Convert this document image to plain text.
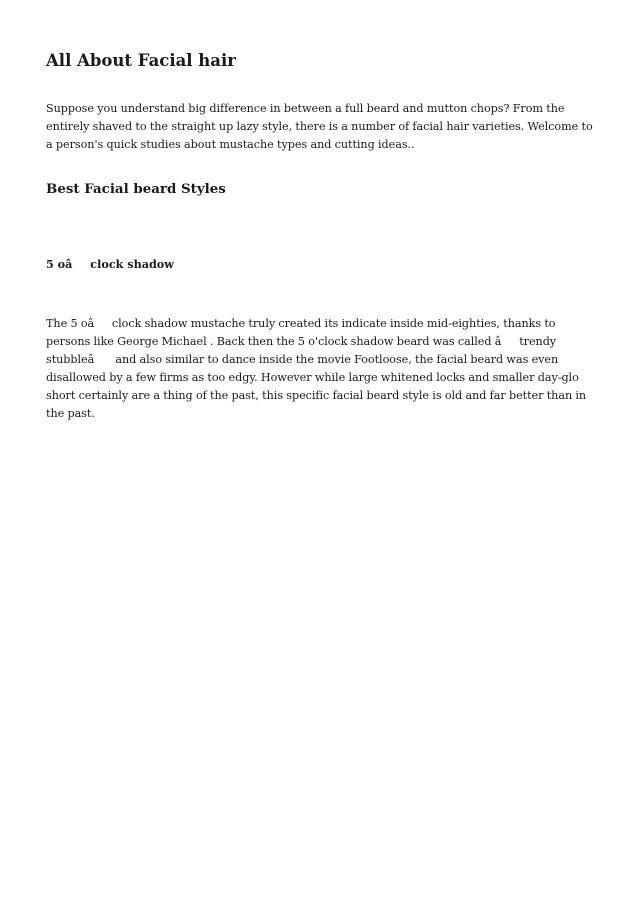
All About Facial hair

Suppose you understand big difference in between a full beard and mutton chops? From the entirely shaved to the straight up lazy style, there is a number of facial hair varieties. Welcome to a person's quick studies about mustache types and cutting ideas..

Best Facial beard Styles
5 oâclock shadow

The 5 oâclock shadow mustache truly created its indicate inside mid-eighties, thanks to persons like George Michael . Back then the 5 o'clock shadow beard was called âtrendy stubbleâ and also similar to dance inside the movie Footloose, the facial beard was even disallowed by a few firms as too edgy. However while large whitened locks and smaller day-glo short certainly are a thing of the past, this specific facial beard style is old and far better than in the past.
